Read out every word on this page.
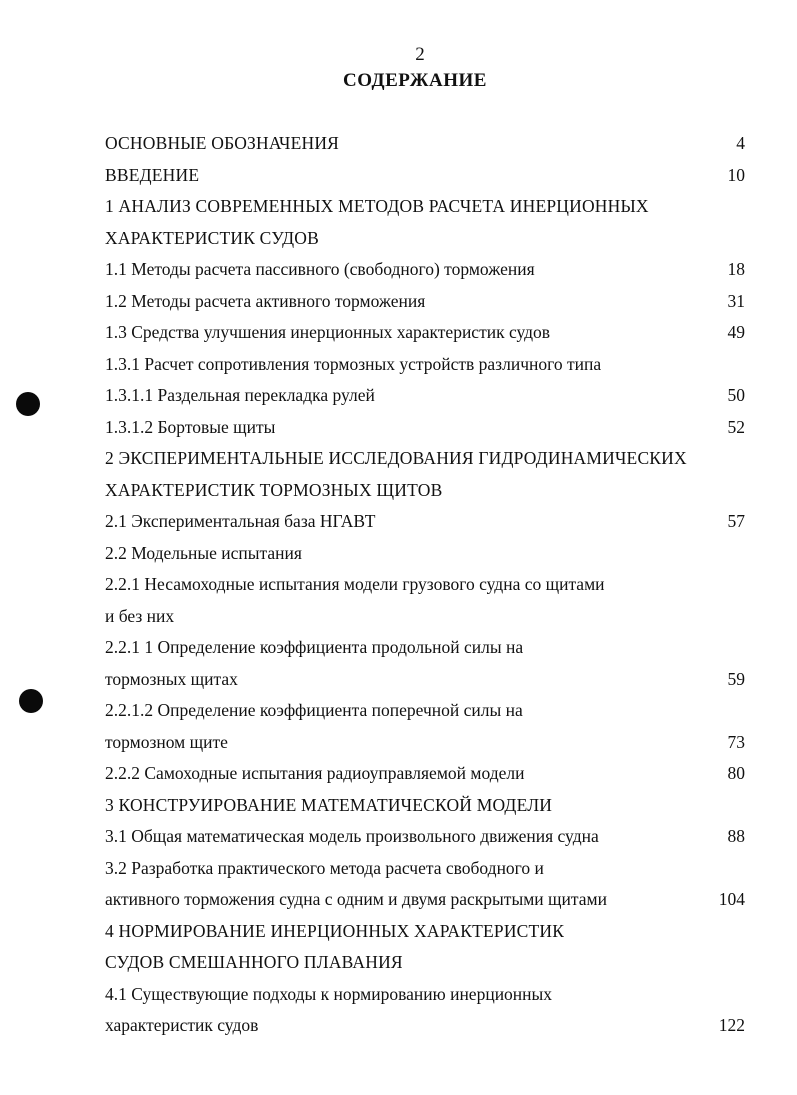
2
СОДЕРЖАНИЕ
ОСНОВНЫЕ ОБОЗНАЧЕНИЯ	4
ВВЕДЕНИЕ	10
1 АНАЛИЗ СОВРЕМЕННЫХ МЕТОДОВ РАСЧЕТА ИНЕРЦИОННЫХ
ХАРАКТЕРИСТИК СУДОВ
1.1 Методы расчета пассивного (свободного) торможения	18
1.2 Методы расчета активного торможения	31
1.3 Средства улучшения инерционных характеристик судов	49
1.3.1 Расчет сопротивления тормозных устройств различного типа
1.3.1.1 Раздельная перекладка рулей	50
1.3.1.2 Бортовые щиты	52
2 ЭКСПЕРИМЕНТАЛЬНЫЕ ИССЛЕДОВАНИЯ ГИДРОДИНАМИЧЕСКИХ
ХАРАКТЕРИСТИК ТОРМОЗНЫХ ЩИТОВ
2.1 Экспериментальная база НГАВТ	57
2.2 Модельные испытания
2.2.1 Несамоходные испытания модели грузового судна со щитами
и без них
2.2.1 1 Определение коэффициента продольной силы на
тормозных щитах	59
2.2.1.2 Определение коэффициента поперечной силы на
тормозном щите	73
2.2.2 Самоходные испытания радиоуправляемой модели	80
3 КОНСТРУИРОВАНИЕ МАТЕМАТИЧЕСКОЙ МОДЕЛИ
3.1 Общая математическая модель произвольного движения судна	88
3.2 Разработка практического метода расчета свободного и
активного торможения судна с одним и двумя раскрытыми щитами	104
4 НОРМИРОВАНИЕ ИНЕРЦИОННЫХ ХАРАКТЕРИСТИК
СУДОВ СМЕШАННОГО ПЛАВАНИЯ
4.1 Существующие подходы к нормированию инерционных
характеристик судов	122
